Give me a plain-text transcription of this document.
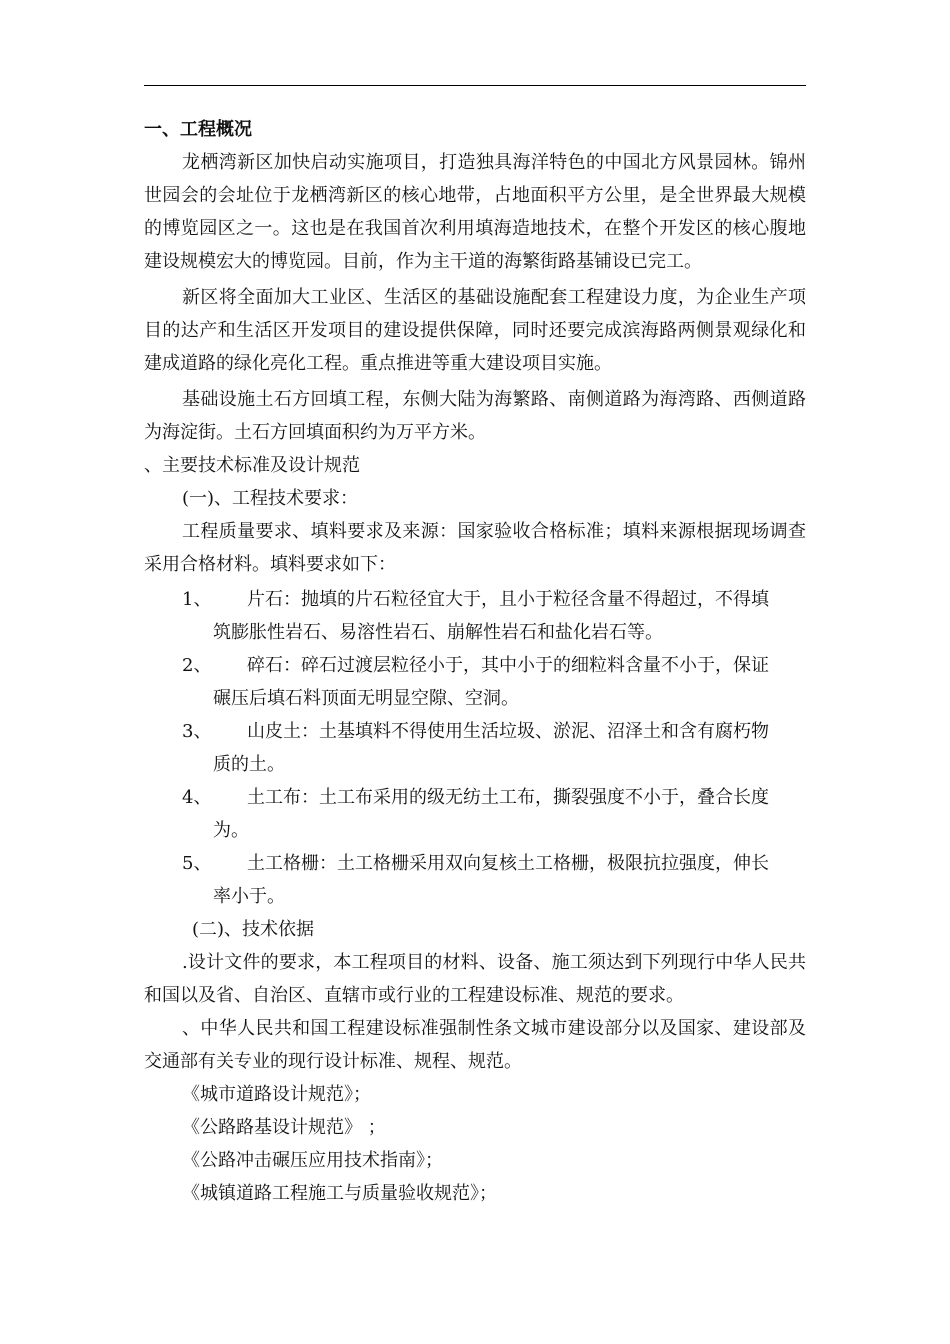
一、工程概况

龙栖湾新区加快启动实施项目，打造独具海洋特色的中国北方风景园林。锦州世园会的会址位于龙栖湾新区的核心地带，占地面积平方公里，是全世界最大规模的博览园区之一。这也是在我国首次利用填海造地技术，在整个开发区的核心腹地建设规模宏大的博览园。目前，作为主干道的海繁街路基铺设已完工。

新区将全面加大工业区、生活区的基础设施配套工程建设力度，为企业生产项目的达产和生活区开发项目的建设提供保障，同时还要完成滨海路两侧景观绿化和建成道路的绿化亮化工程。重点推进等重大建设项目实施。

基础设施土石方回填工程，东侧大陆为海繁路、南侧道路为海湾路、西侧道路为海淀街。土石方回填面积约为万平方米。

、主要技术标准及设计规范

(一)、工程技术要求：

工程质量要求、填料要求及来源：国家验收合格标准；填料来源根据现场调查采用合格材料。填料要求如下：

1、	片石：抛填的片石粒径宜大于，且小于粒径含量不得超过，不得填
筑膨胀性岩石、易溶性岩石、崩解性岩石和盐化岩石等。
2、	碎石：碎石过渡层粒径小于，其中小于的细粒料含量不小于，保证
碾压后填石料顶面无明显空隙、空洞。
3、	山皮土：土基填料不得使用生活垃圾、淤泥、沼泽土和含有腐朽物
质的土。
4、	土工布：土工布采用的级无纺土工布，撕裂强度不小于，叠合长度
为。
5、	土工格栅：土工格栅采用双向复核土工格栅，极限抗拉强度，伸长
率小于。

(二)、技术依据

.设计文件的要求，本工程项目的材料、设备、施工须达到下列现行中华人民共和国以及省、自治区、直辖市或行业的工程建设标准、规范的要求。

、中华人民共和国工程建设标准强制性条文城市建设部分以及国家、建设部及交通部有关专业的现行设计标准、规程、规范。

《城市道路设计规范》；
《公路路基设计规范》 ；
《公路冲击碾压应用技术指南》；
《城镇道路工程施工与质量验收规范》；
